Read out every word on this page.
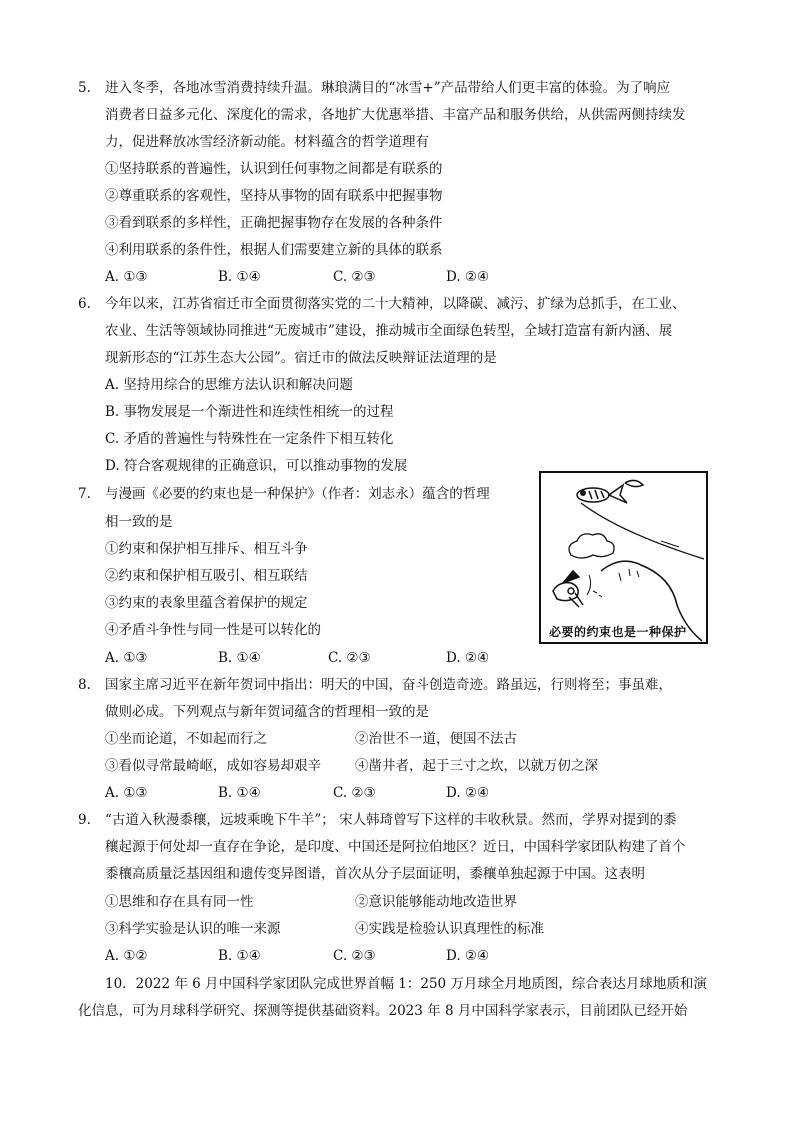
5. 进入冬季，各地冰雪消费持续升温。琳琅满目的“冰雪+”产品带给人们更丰富的体验。为了响应
消费者日益多元化、深度化的需求，各地扩大优惠举措、丰富产品和服务供给，从供需两侧持续发
力，促进释放冰雪经济新动能。材料蕴含的哲学道理有
①坚持联系的普遍性，认识到任何事物之间都是有联系的
②尊重联系的客观性，坚持从事物的固有联系中把握事物
③看到联系的多样性，正确把握事物存在发展的各种条件
④利用联系的条件性，根据人们需要建立新的具体的联系
A. ①③	B. ①④	C. ②③	D. ②④
6. 今年以来，江苏省宿迁市全面贯彻落实党的二十大精神，以降碳、减污、扩绿为总抓手，在工业、
农业、生活等领域协同推进“无废城市”建设，推动城市全面绿色转型，全域打造富有新内涵、展
现新形态的“江苏生态大公园”。宿迁市的做法反映辩证法道理的是
A. 坚持用综合的思维方法认识和解决问题
B. 事物发展是一个渐进性和连续性相统一的过程
C. 矛盾的普遍性与特殊性在一定条件下相互转化
D. 符合客观规律的正确意识，可以推动事物的发展
7. 与漫画《必要的约束也是一种保护》（作者：刘志永）蕴含的哲理
相一致的是
①约束和保护相互排斥、相互斗争
②约束和保护相互吸引、相互联结
③约束的表象里蕴含着保护的规定
④矛盾斗争性与同一性是可以转化的
A. ①③	B. ①④	C. ②③	D. ②④
必要的约束也是一种保护
8. 国家主席习近平在新年贺词中指出：明天的中国，奋斗创造奇迹。路虽远，行则将至；事虽难，
做则必成。下列观点与新年贺词蕴含的哲理相一致的是
①坐而论道，不如起而行之	②治世不一道，便国不法古
③看似寻常最崎岖，成如容易却艰辛	④凿井者，起于三寸之坎，以就万仞之深
A. ①③	B. ①④	C. ②③	D. ②④
9. “古道入秋漫黍穰，远坡乘晚下牛羊”； 宋人韩琦曾写下这样的丰收秋景。然而，学界对提到的黍
穰起源于何处却一直存在争论，是印度、中国还是阿拉伯地区？近日，中国科学家团队构建了首个
黍穰高质量泛基因组和遗传变异图谱，首次从分子层面证明，黍穰单独起源于中国。这表明
①思维和存在具有同一性	②意识能够能动地改造世界
③科学实验是认识的唯一来源	④实践是检验认识真理性的标准
A. ①②	B. ①④	C. ②③	D. ②④
10．2022 年 6 月中国科学家团队完成世界首幅 1：250 万月球全月地质图，综合表达月球地质和演
化信息，可为月球科学研究、探测等提供基础资料。2023 年 8 月中国科学家表示，目前团队已经开始
